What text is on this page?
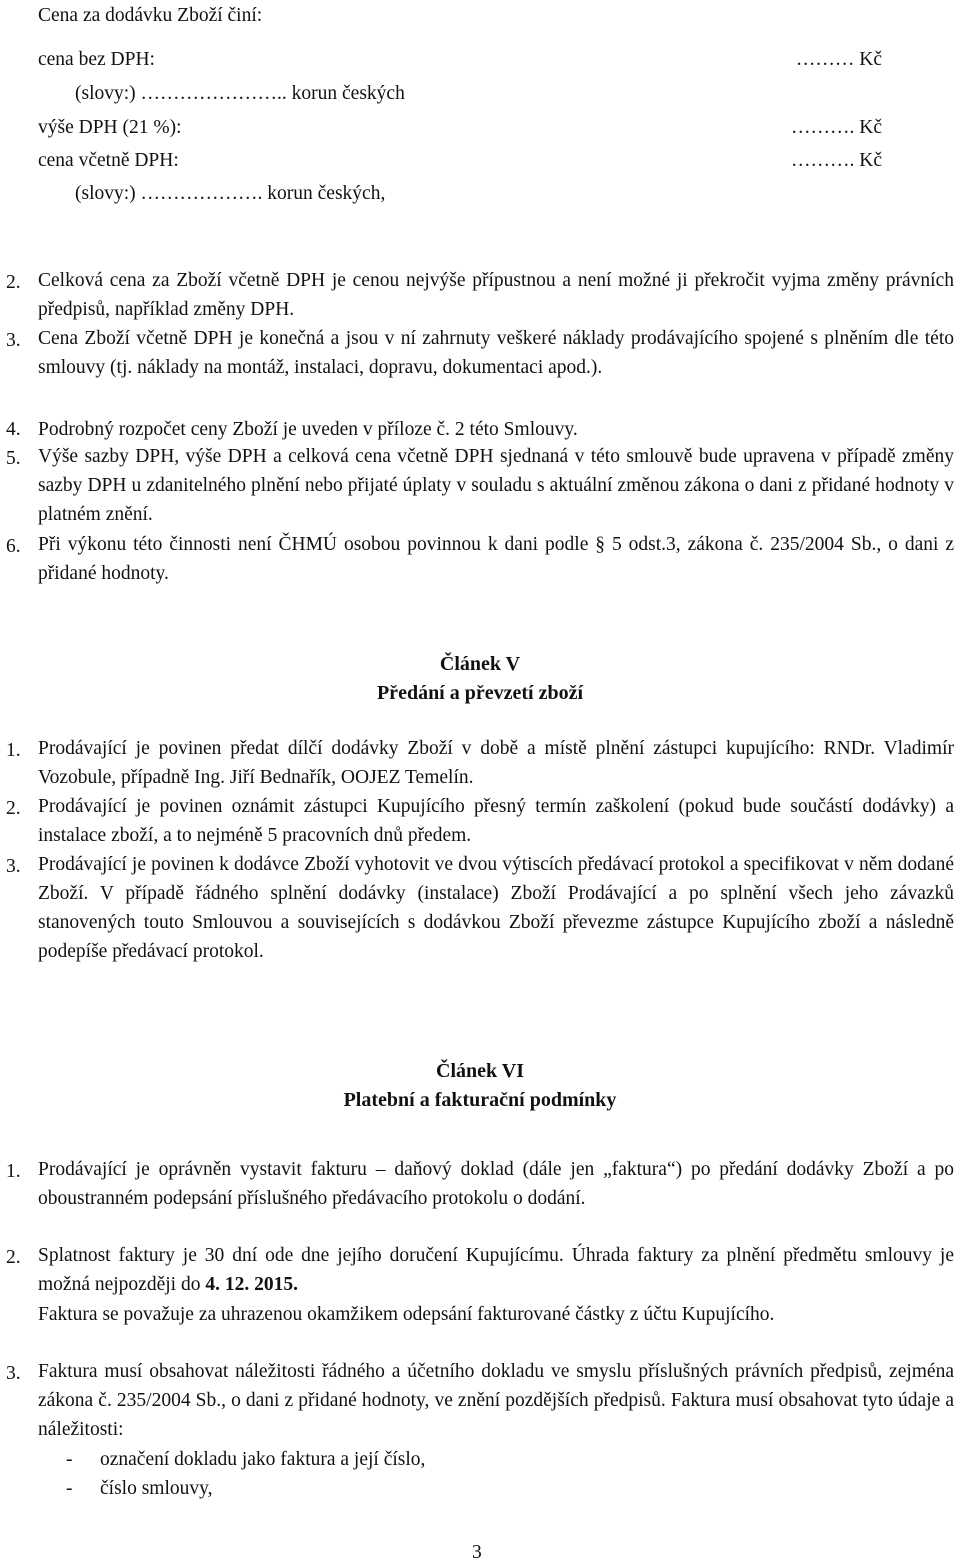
Cena za dodávku Zboží činí:
cena bez DPH:	……… Kč
(slovy:) ………………….. korun českých
výše DPH (21 %):	………. Kč
cena včetně DPH:	………. Kč
(slovy:) ………………. korun českých,
2. Celková cena za Zboží včetně DPH je cenou nejvýše přípustnou a není možné ji překročit vyjma změny právních předpisů, například změny DPH.
3. Cena Zboží včetně DPH je konečná a jsou v ní zahrnuty veškeré náklady prodávajícího spojené s plněním dle této smlouvy (tj. náklady na montáž, instalaci, dopravu, dokumentaci apod.).
4. Podrobný rozpočet ceny Zboží je uveden v příloze č. 2 této Smlouvy.
5. Výše sazby DPH, výše DPH a celková cena včetně DPH sjednaná v této smlouvě bude upravena v případě změny sazby DPH u zdanitelného plnění nebo přijaté úplaty v souladu s aktuální změnou zákona o dani z přidané hodnoty v platném znění.
6. Při výkonu této činnosti není ČHMÚ osobou povinnou k dani podle § 5 odst.3, zákona č. 235/2004 Sb., o dani z přidané hodnoty.
Článek V
Předání a převzetí zboží
1. Prodávající je povinen předat dílčí dodávky Zboží v době a místě plnění zástupci kupujícího: RNDr. Vladimír Vozobule, případně Ing. Jiří Bednařík, OOJEZ Temelín.
2. Prodávající je povinen oznámit zástupci Kupujícího přesný termín zaškolení (pokud bude součástí dodávky) a instalace zboží, a to nejméně 5 pracovních dnů předem.
3. Prodávající je povinen k dodávce Zboží vyhotovit ve dvou výtiscích předávací protokol a specifikovat v něm dodané Zboží. V případě řádného splnění dodávky (instalace) Zboží Prodávající a po splnění všech jeho závazků stanovených touto Smlouvou a souvisejících s dodávkou Zboží převezme zástupce Kupujícího zboží a následně podepíše předávací protokol.
Článek VI
Platební a fakturační podmínky
1. Prodávající je oprávněn vystavit fakturu – daňový doklad (dále jen „faktura“) po předání dodávky Zboží a po oboustranném podepsání příslušného předávacího protokolu o dodání.
2. Splatnost faktury je 30 dní ode dne jejího doručení Kupujícímu. Úhrada faktury za plnění předmětu smlouvy je možná nejpozději do 4. 12. 2015.
Faktura se považuje za uhrazenou okamžikem odepsání fakturované částky z účtu Kupujícího.
3. Faktura musí obsahovat náležitosti řádného a účetního dokladu ve smyslu příslušných právních předpisů, zejména zákona č. 235/2004 Sb., o dani z přidané hodnoty, ve znění pozdějších předpisů. Faktura musí obsahovat tyto údaje a náležitosti:
- označení dokladu jako faktura a její číslo,
- číslo smlouvy,
3
